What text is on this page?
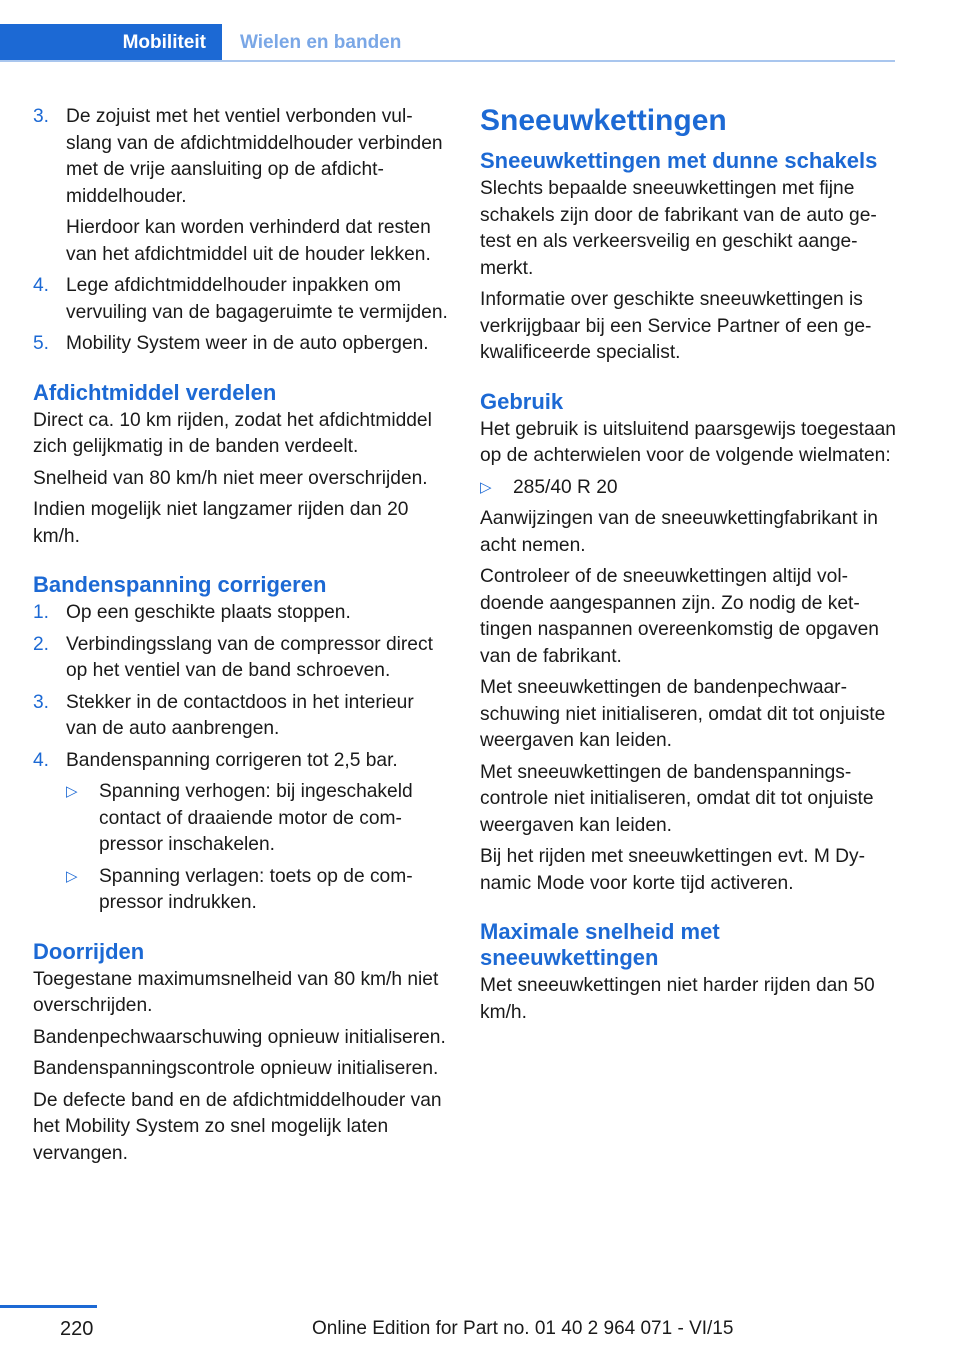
Mobiliteit	Wielen en banden
3. De zojuist met het ventiel verbonden vulslang van de afdichtmiddelhouder verbinden met de vrije aansluiting op de afdichtmiddelhouder.
Hierdoor kan worden verhinderd dat resten van het afdichtmiddel uit de houder lekken.
4. Lege afdichtmiddelhouder inpakken om vervuiling van de bagageruimte te vermijden.
5. Mobility System weer in de auto opbergen.
Afdichtmiddel verdelen

Direct ca. 10 km rijden, zodat het afdichtmiddel zich gelijkmatig in de banden verdeelt.

Snelheid van 80 km/h niet meer overschrijden.

Indien mogelijk niet langzamer rijden dan 20 km/h.

Bandenspanning corrigeren
1. Op een geschikte plaats stoppen.
2. Verbindingsslang van de compressor direct op het ventiel van de band schroeven.
3. Stekker in de contactdoos in het interieur van de auto aanbrengen.
4. Bandenspanning corrigeren tot 2,5 bar.
▷ Spanning verhogen: bij ingeschakeld contact of draaiende motor de compressor inschakelen.
▷ Spanning verlagen: toets op de compressor indrukken.
Doorrijden

Toegestane maximumsnelheid van 80 km/h niet overschrijden.

Bandenpechwaarschuwing opnieuw initialiseren.

Bandenspanningscontrole opnieuw initialiseren.

De defecte band en de afdichtmiddelhouder van het Mobility System zo snel mogelijk laten vervangen.

Sneeuwkettingen
Sneeuwkettingen met dunne schakels

Slechts bepaalde sneeuwkettingen met fijne schakels zijn door de fabrikant van de auto getest en als verkeersveilig en geschikt aangemerkt.

Informatie over geschikte sneeuwkettingen is verkrijgbaar bij een Service Partner of een gekwalificeerde specialist.

Gebruik

Het gebruik is uitsluitend paarsgewijs toegestaan op de achterwielen voor de volgende wielmaten:

▷ 285/40 R 20

Aanwijzingen van de sneeuwkettingfabrikant in acht nemen.

Controleer of de sneeuwkettingen altijd voldoende aangespannen zijn. Zo nodig de kettingen naspannen overeenkomstig de opgaven van de fabrikant.

Met sneeuwkettingen de bandenpechwaarschuwing niet initialiseren, omdat dit tot onjuiste weergaven kan leiden.

Met sneeuwkettingen de bandenspanningscontrole niet initialiseren, omdat dit tot onjuiste weergaven kan leiden.

Bij het rijden met sneeuwkettingen evt. M Dynamic Mode voor korte tijd activeren.

Maximale snelheid met sneeuwkettingen

Met sneeuwkettingen niet harder rijden dan 50 km/h.

220	Online Edition for Part no. 01 40 2 964 071 - VI/15
